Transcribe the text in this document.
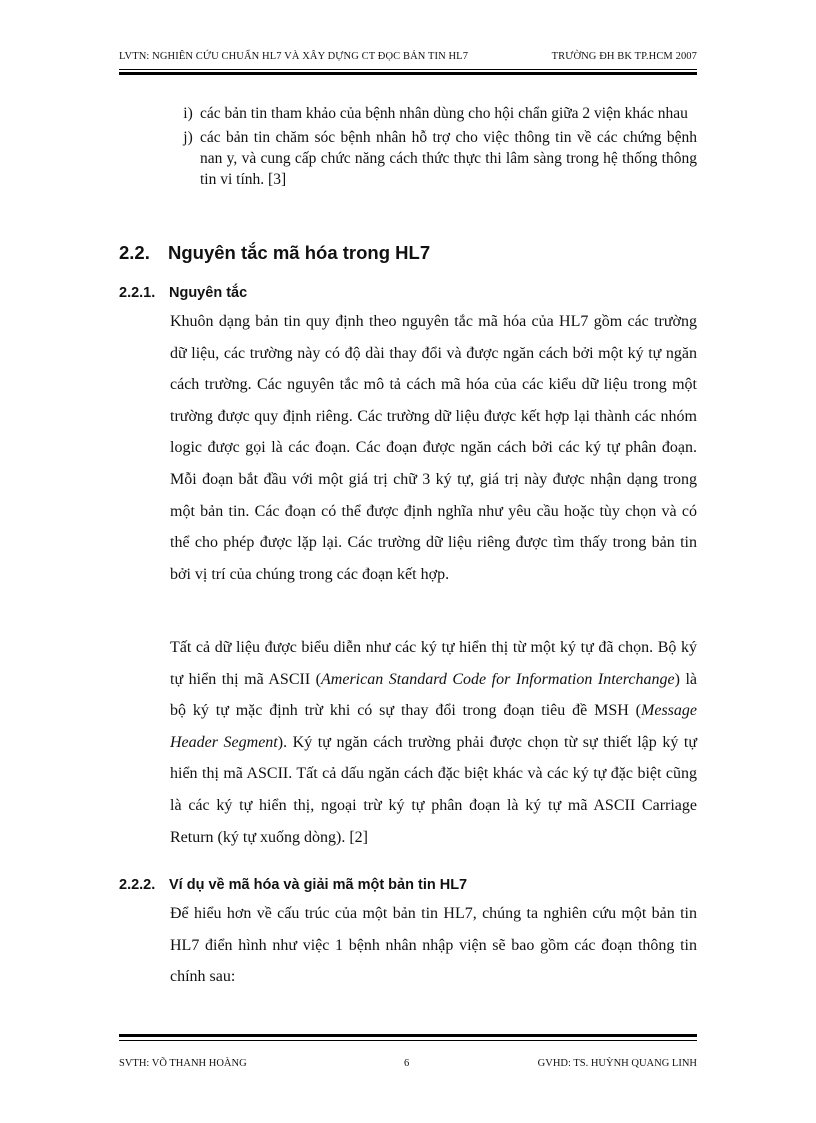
LVTN: NGHIÊN CỨU CHUẨN HL7 VÀ XÂY DỰNG CT ĐỌC BẢN TIN HL7	TRƯỜNG ĐH BK TP.HCM 2007
i) các bản tin tham khảo của bệnh nhân dùng cho hội chẩn giữa 2 viện khác nhau
j) các bản tin chăm sóc bệnh nhân hỗ trợ cho việc thông tin về các chứng bệnh nan y, và cung cấp chức năng cách thức thực thi lâm sàng trong hệ thống thông tin vi tính. [3]
2.2. Nguyên tắc mã hóa trong HL7
2.2.1. Nguyên tắc
Khuôn dạng bản tin quy định theo nguyên tắc mã hóa của HL7 gồm các trường dữ liệu, các trường này có độ dài thay đổi và được ngăn cách bởi một ký tự ngăn cách trường. Các nguyên tắc mô tả cách mã hóa của các kiểu dữ liệu trong một trường được quy định riêng. Các trường dữ liệu được kết hợp lại thành các nhóm logic được gọi là các đoạn. Các đoạn được ngăn cách bởi các ký tự phân đoạn. Mỗi đoạn bắt đầu với một giá trị chữ 3 ký tự, giá trị này được nhận dạng trong một bản tin. Các đoạn có thể được định nghĩa như yêu cầu hoặc tùy chọn và có thể cho phép được lặp lại. Các trường dữ liệu riêng được tìm thấy trong bản tin bởi vị trí của chúng trong các đoạn kết hợp.
Tất cả dữ liệu được biểu diễn như các ký tự hiển thị từ một ký tự đã chọn. Bộ ký tự hiển thị mã ASCII (American Standard Code for Information Interchange) là bộ ký tự mặc định trừ khi có sự thay đổi trong đoạn tiêu đề MSH (Message Header Segment). Ký tự ngăn cách trường phải được chọn từ sự thiết lập ký tự hiển thị mã ASCII. Tất cả dấu ngăn cách đặc biệt khác và các ký tự đặc biệt cũng là các ký tự hiển thị, ngoại trừ ký tự phân đoạn là ký tự mã ASCII Carriage Return (ký tự xuống dòng). [2]
2.2.2. Ví dụ về mã hóa và giải mã một bản tin HL7
Để hiểu hơn về cấu trúc của một bản tin HL7, chúng ta nghiên cứu một bản tin HL7 điển hình như việc 1 bệnh nhân nhập viện sẽ bao gồm các đoạn thông tin chính sau:
SVTH: VÕ THANH HOÀNG	6	GVHD: TS. HUỲNH QUANG LINH
